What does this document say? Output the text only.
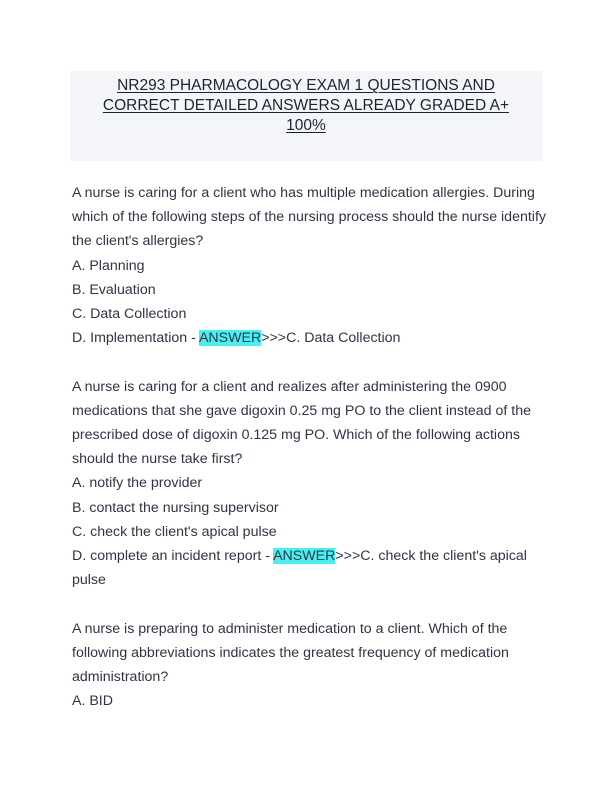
NR293 PHARMACOLOGY EXAM 1 QUESTIONS AND
CORRECT DETAILED ANSWERS ALREADY GRADED A+
100%
A nurse is caring for a client who has multiple medication allergies. During
which of the following steps of the nursing process should the nurse identify
the client's allergies?
A. Planning
B. Evaluation
C. Data Collection
D. Implementation - ANSWER>>>C. Data Collection
A nurse is caring for a client and realizes after administering the 0900
medications that she gave digoxin 0.25 mg PO to the client instead of the
prescribed dose of digoxin 0.125 mg PO. Which of the following actions
should the nurse take first?
A. notify the provider
B. contact the nursing supervisor
C. check the client's apical pulse
D. complete an incident report - ANSWER>>>C. check the client's apical
pulse
A nurse is preparing to administer medication to a client. Which of the
following abbreviations indicates the greatest frequency of medication
administration?
A. BID
